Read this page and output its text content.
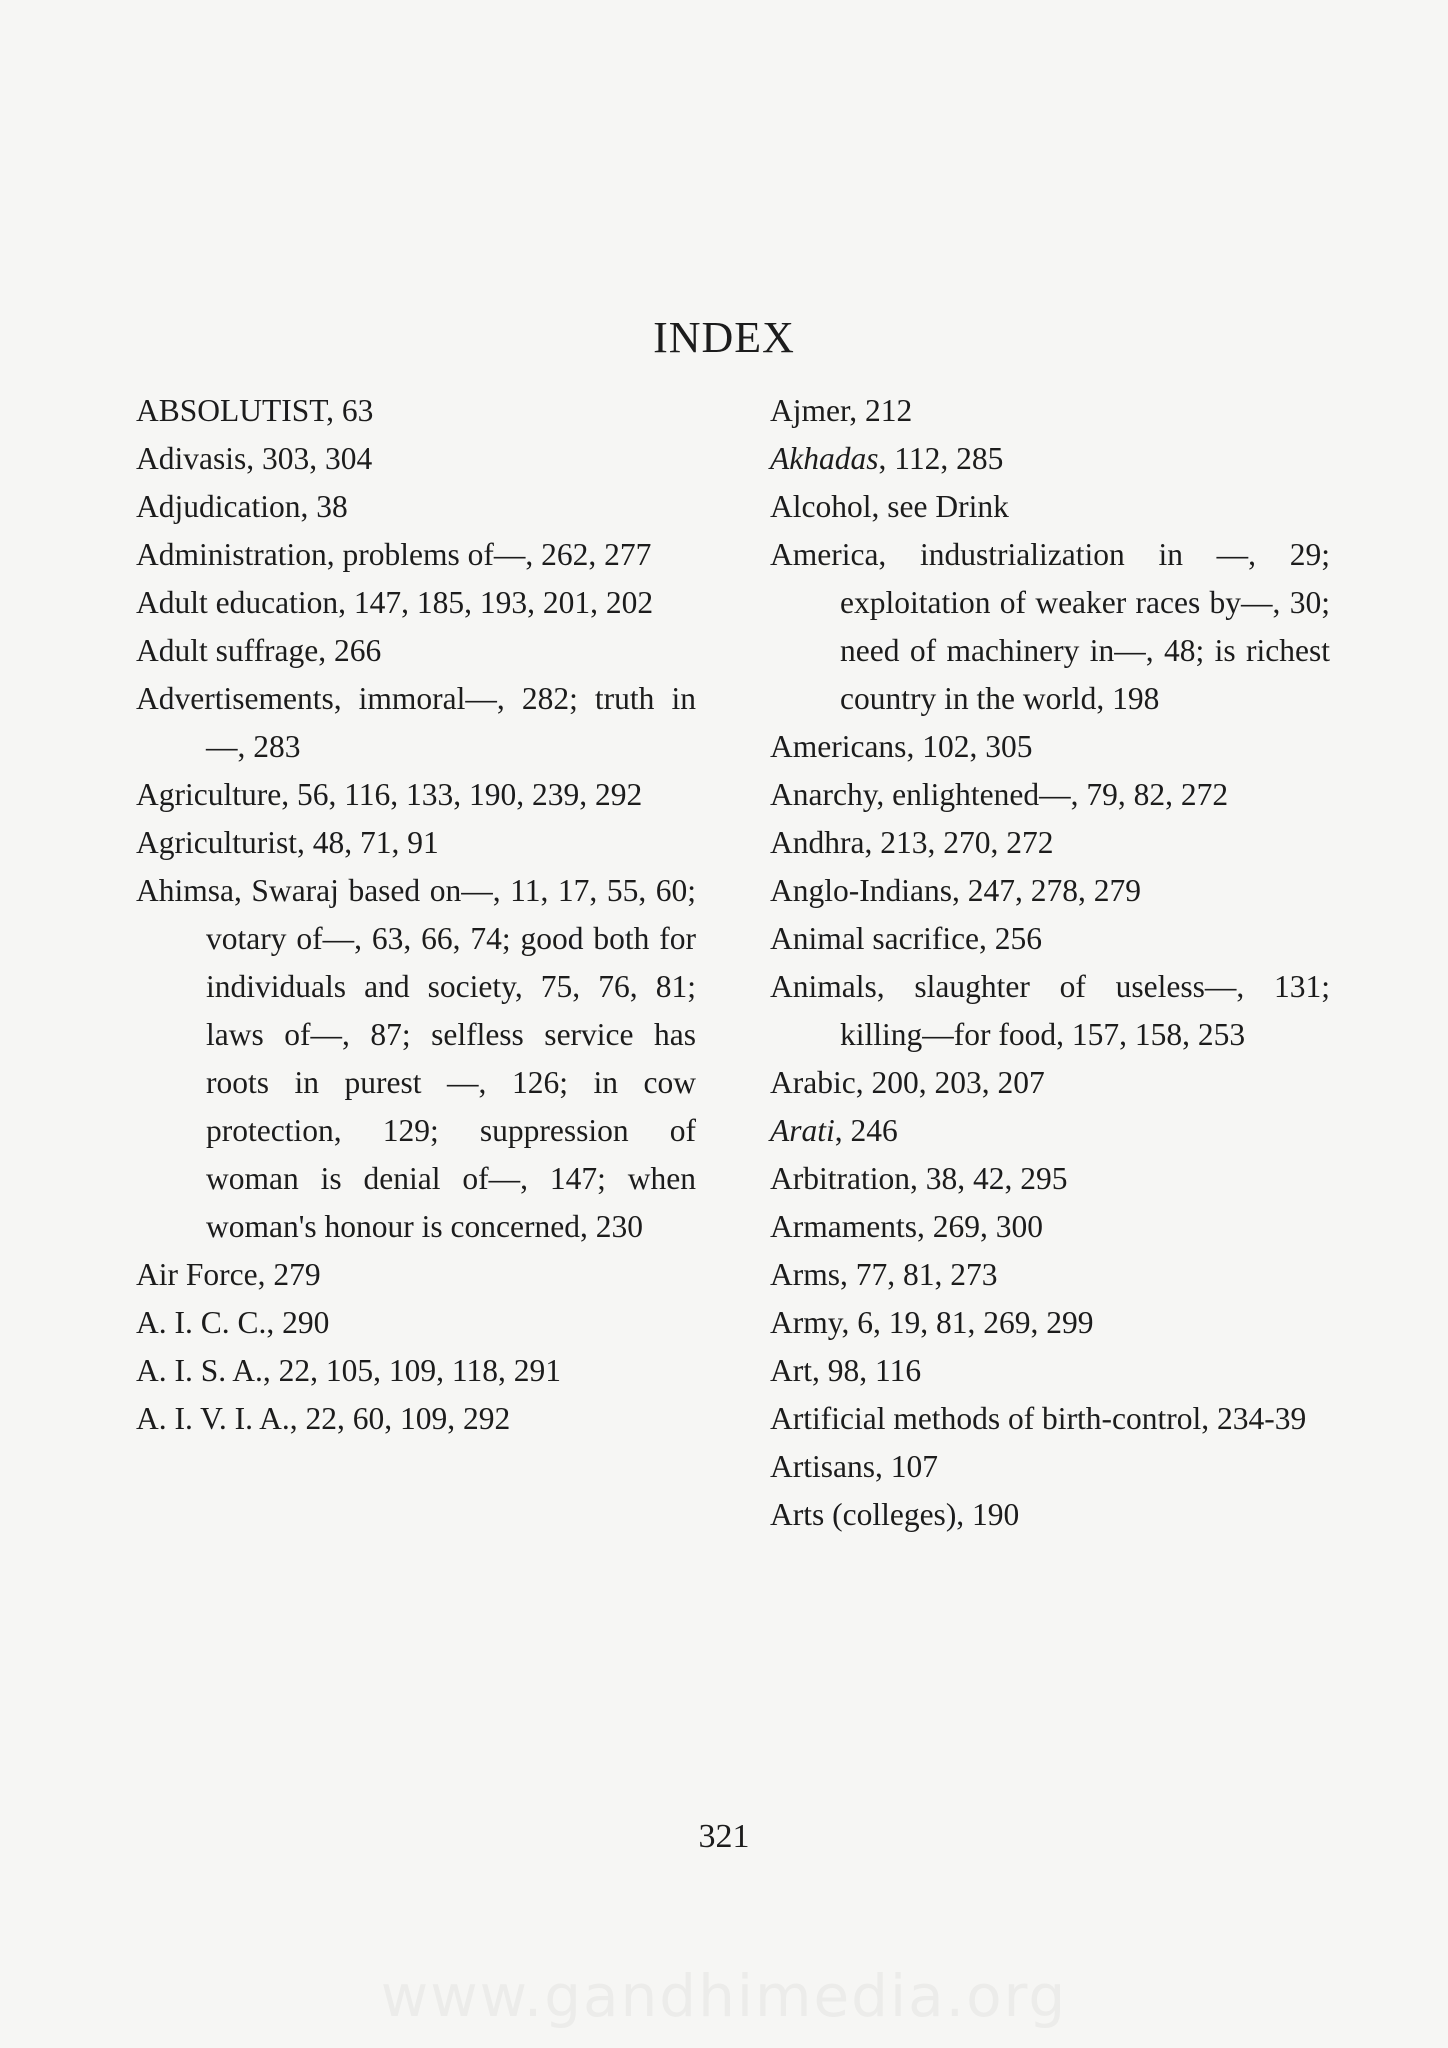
INDEX

ABSOLUTIST, 63

Adivasis, 303, 304

Adjudication, 38

Administration, problems of—, 262, 277

Adult education, 147, 185, 193, 201, 202

Adult suffrage, 266

Advertisements, immoral—, 282; truth in—, 283

Agriculture, 56, 116, 133, 190, 239, 292

Agriculturist, 48, 71, 91

Ahimsa, Swaraj based on—, 11, 17, 55, 60; votary of—, 63, 66, 74; good both for individuals and society, 75, 76, 81; laws of—, 87; selfless service has roots in purest —, 126; in cow protection, 129; suppression of woman is denial of—, 147; when woman's honour is concerned, 230

Air Force, 279

A. I. C. C., 290

A. I. S. A., 22, 105, 109, 118, 291

A. I. V. I. A., 22, 60, 109, 292

Ajmer, 212

Akhadas, 112, 285

Alcohol, see Drink

America, industrialization in —, 29; exploitation of weaker races by—, 30; need of machinery in—, 48; is richest country in the world, 198

Americans, 102, 305

Anarchy, enlightened—, 79, 82, 272

Andhra, 213, 270, 272

Anglo-Indians, 247, 278, 279

Animal sacrifice, 256

Animals, slaughter of useless—, 131; killing—for food, 157, 158, 253

Arabic, 200, 203, 207

Arati, 246

Arbitration, 38, 42, 295

Armaments, 269, 300

Arms, 77, 81, 273

Army, 6, 19, 81, 269, 299

Art, 98, 116

Artificial methods of birth-control, 234-39

Artisans, 107

Arts (colleges), 190

321
www.gandhimedia.org
